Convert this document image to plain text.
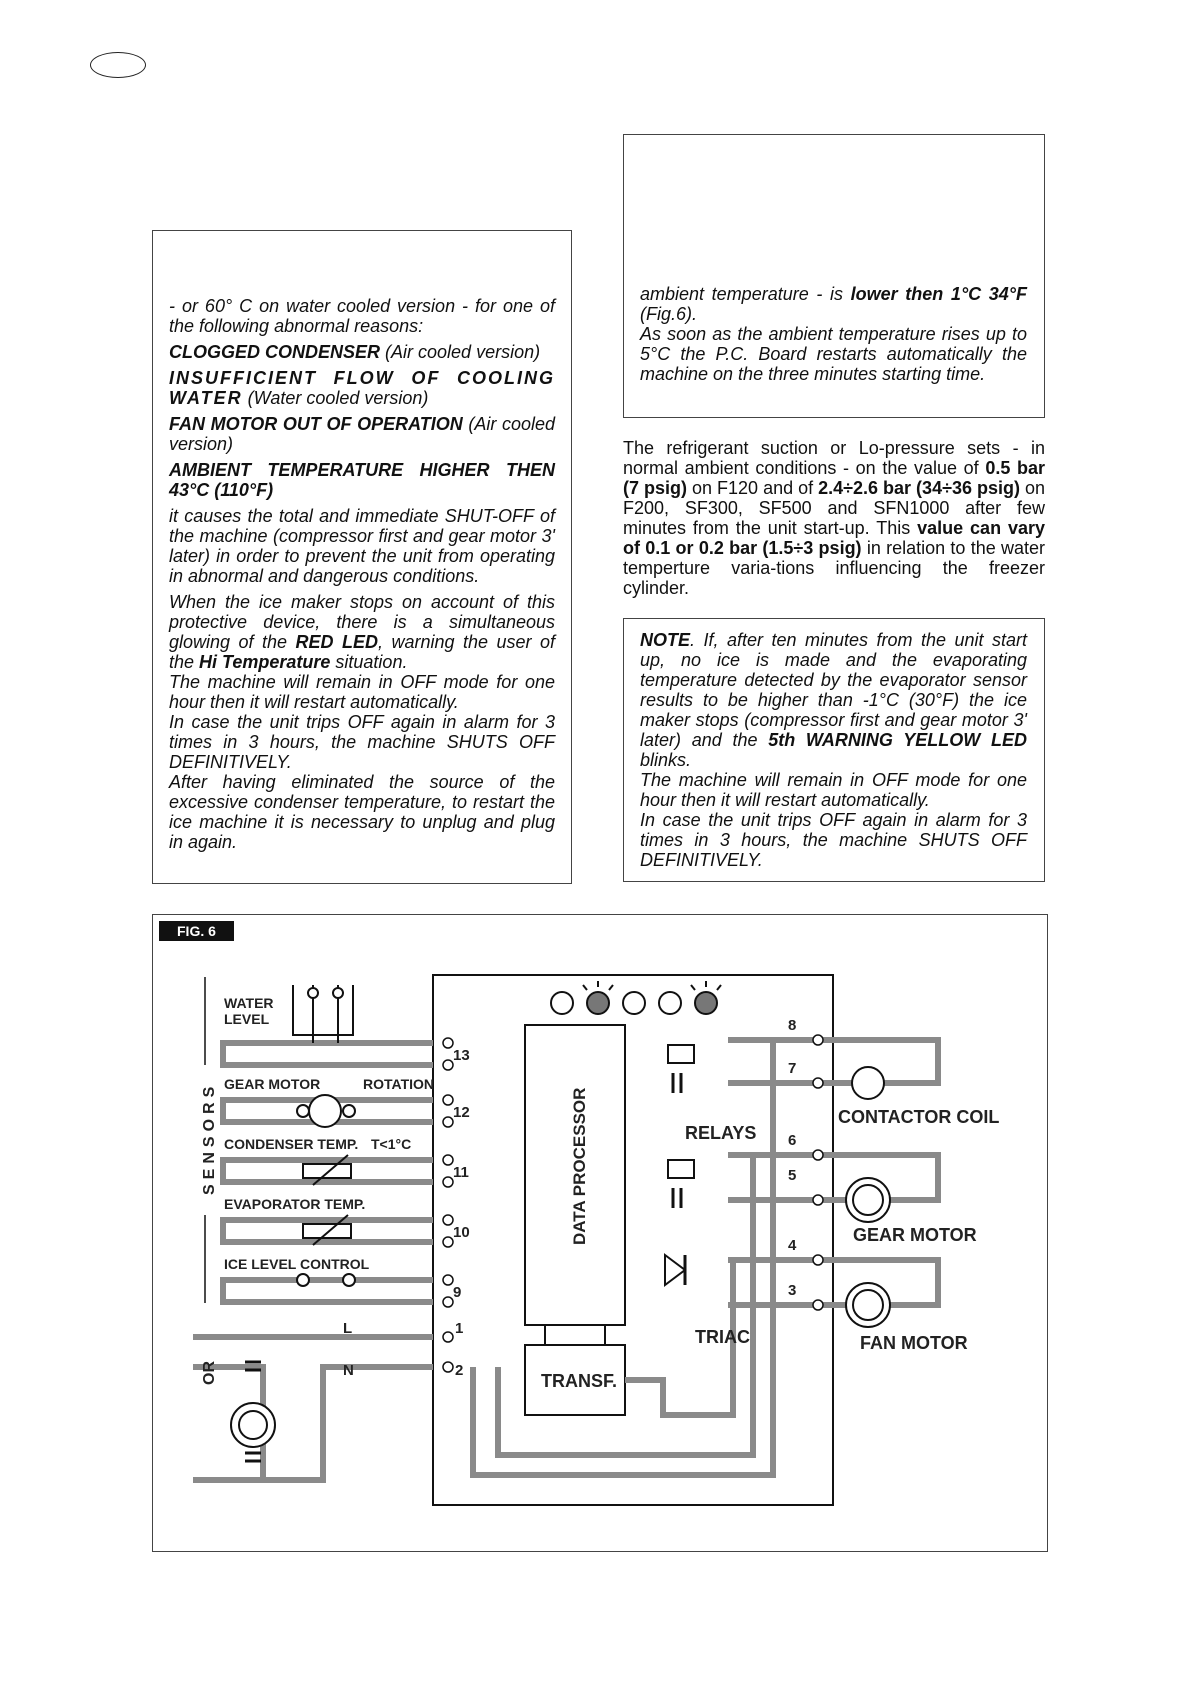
- or 60° C on water cooled version - for one of the following abnormal reasons:

CLOGGED CONDENSER (Air cooled version)

INSUFFICIENT FLOW OF COOLING WATER (Water cooled version)

FAN MOTOR OUT OF OPERATION (Air cooled version)

AMBIENT TEMPERATURE HIGHER THEN 43°C (110°F)

it causes the total and immediate SHUT-OFF of the machine (compressor first and gear motor 3' later) in order to prevent the unit from operating in abnormal and dangerous conditions.

When the ice maker stops on account of this protective device, there is a simultaneous glowing of the RED LED, warning the user of the Hi Temperature situation.

The machine will remain in OFF mode for one hour then it will restart automatically.

In case the unit trips OFF again in alarm for 3 times in 3 hours, the machine SHUTS OFF DEFINITIVELY.

After having eliminated the source of the excessive condenser temperature, to restart the ice machine it is necessary to unplug and plug in again.

ambient temperature - is lower then 1°C 34°F (Fig.6).

As soon as the ambient temperature rises up to 5°C the P.C. Board restarts automatically the machine on the three minutes starting time.

The refrigerant suction or Lo-pressure sets - in normal ambient conditions - on the value of 0.5 bar (7 psig) on F120 and of 2.4÷2.6 bar (34÷36 psig) on F200, SF300, SF500 and SFN1000 after few minutes from the unit start-up. This value can vary of 0.1 or 0.2 bar (1.5÷3 psig) in relation to the water temperture varia-tions influencing the freezer cylinder.

NOTE. If, after ten minutes from the unit start up, no ice is made and the evaporating temperature detected by the evaporator sensor results to be higher than -1°C (30°F) the ice maker stops (compressor first and gear motor 3' later) and the 5th WARNING YELLOW LED blinks.

The machine will remain in OFF mode for one hour then it will restart automatically.

In case the unit trips OFF again in alarm for 3 times in 3 hours, the machine SHUTS OFF DEFINITIVELY.

FIG. 6
WATER
LEVEL
GEAR MOTOR	ROTATION
CONDENSER TEMP. T<1°C
EVAPORATOR TEMP.
ICE LEVEL CONTROL
L
N
13
12
11
10
9
1
2
8
7
6
5
4
3
RELAYS
TRIAC
CONTACTOR COIL
GEAR MOTOR
FAN MOTOR
TRANSF.
DATA PROCESSOR
SENSORS
OR
